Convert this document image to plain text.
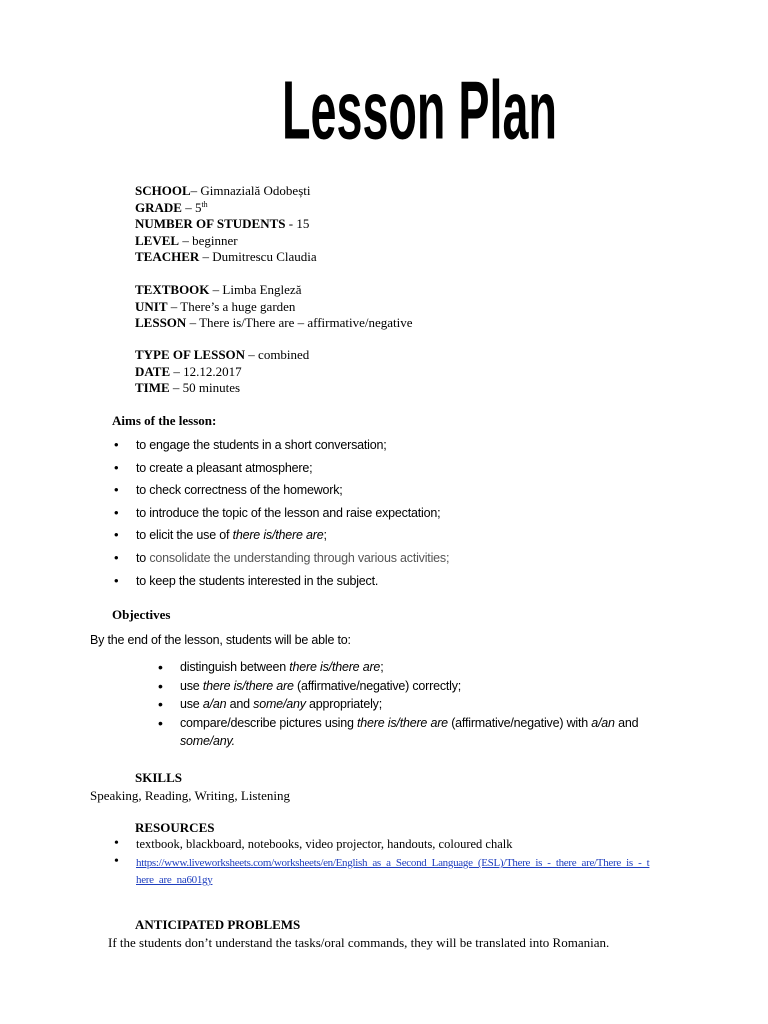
Lesson Plan
SCHOOL– Gimnazială Odobești
GRADE – 5th
NUMBER OF STUDENTS - 15
LEVEL – beginner
TEACHER – Dumitrescu Claudia
TEXTBOOK – Limba Engleză
UNIT – There’s a huge garden
LESSON – There is/There are – affirmative/negative
TYPE OF LESSON – combined
DATE – 12.12.2017
TIME – 50 minutes
Aims of the lesson:
• to engage the students in a short conversation;
• to create a pleasant atmosphere;
• to check correctness of the homework;
• to introduce the topic of the lesson and raise expectation;
• to elicit the use of there is/there are;
• to consolidate the understanding through various activities;
• to keep the students interested in the subject.
Objectives
By the end of the lesson, students will be able to:
• distinguish between there is/there are;
• use there is/there are (affirmative/negative) correctly;
• use a/an and some/any appropriately;
• compare/describe pictures using there is/there are (affirmative/negative) with a/an and some/any.
SKILLS
Speaking, Reading, Writing, Listening
RESOURCES
• textbook, blackboard, notebooks, video projector, handouts, coloured chalk
• https://www.liveworksheets.com/worksheets/en/English_as_a_Second_Language_(ESL)/There_is_-_there_are/There_is_-_there_are_na601gy
ANTICIPATED PROBLEMS
If the students don’t understand the tasks/oral commands, they will be translated into Romanian.
